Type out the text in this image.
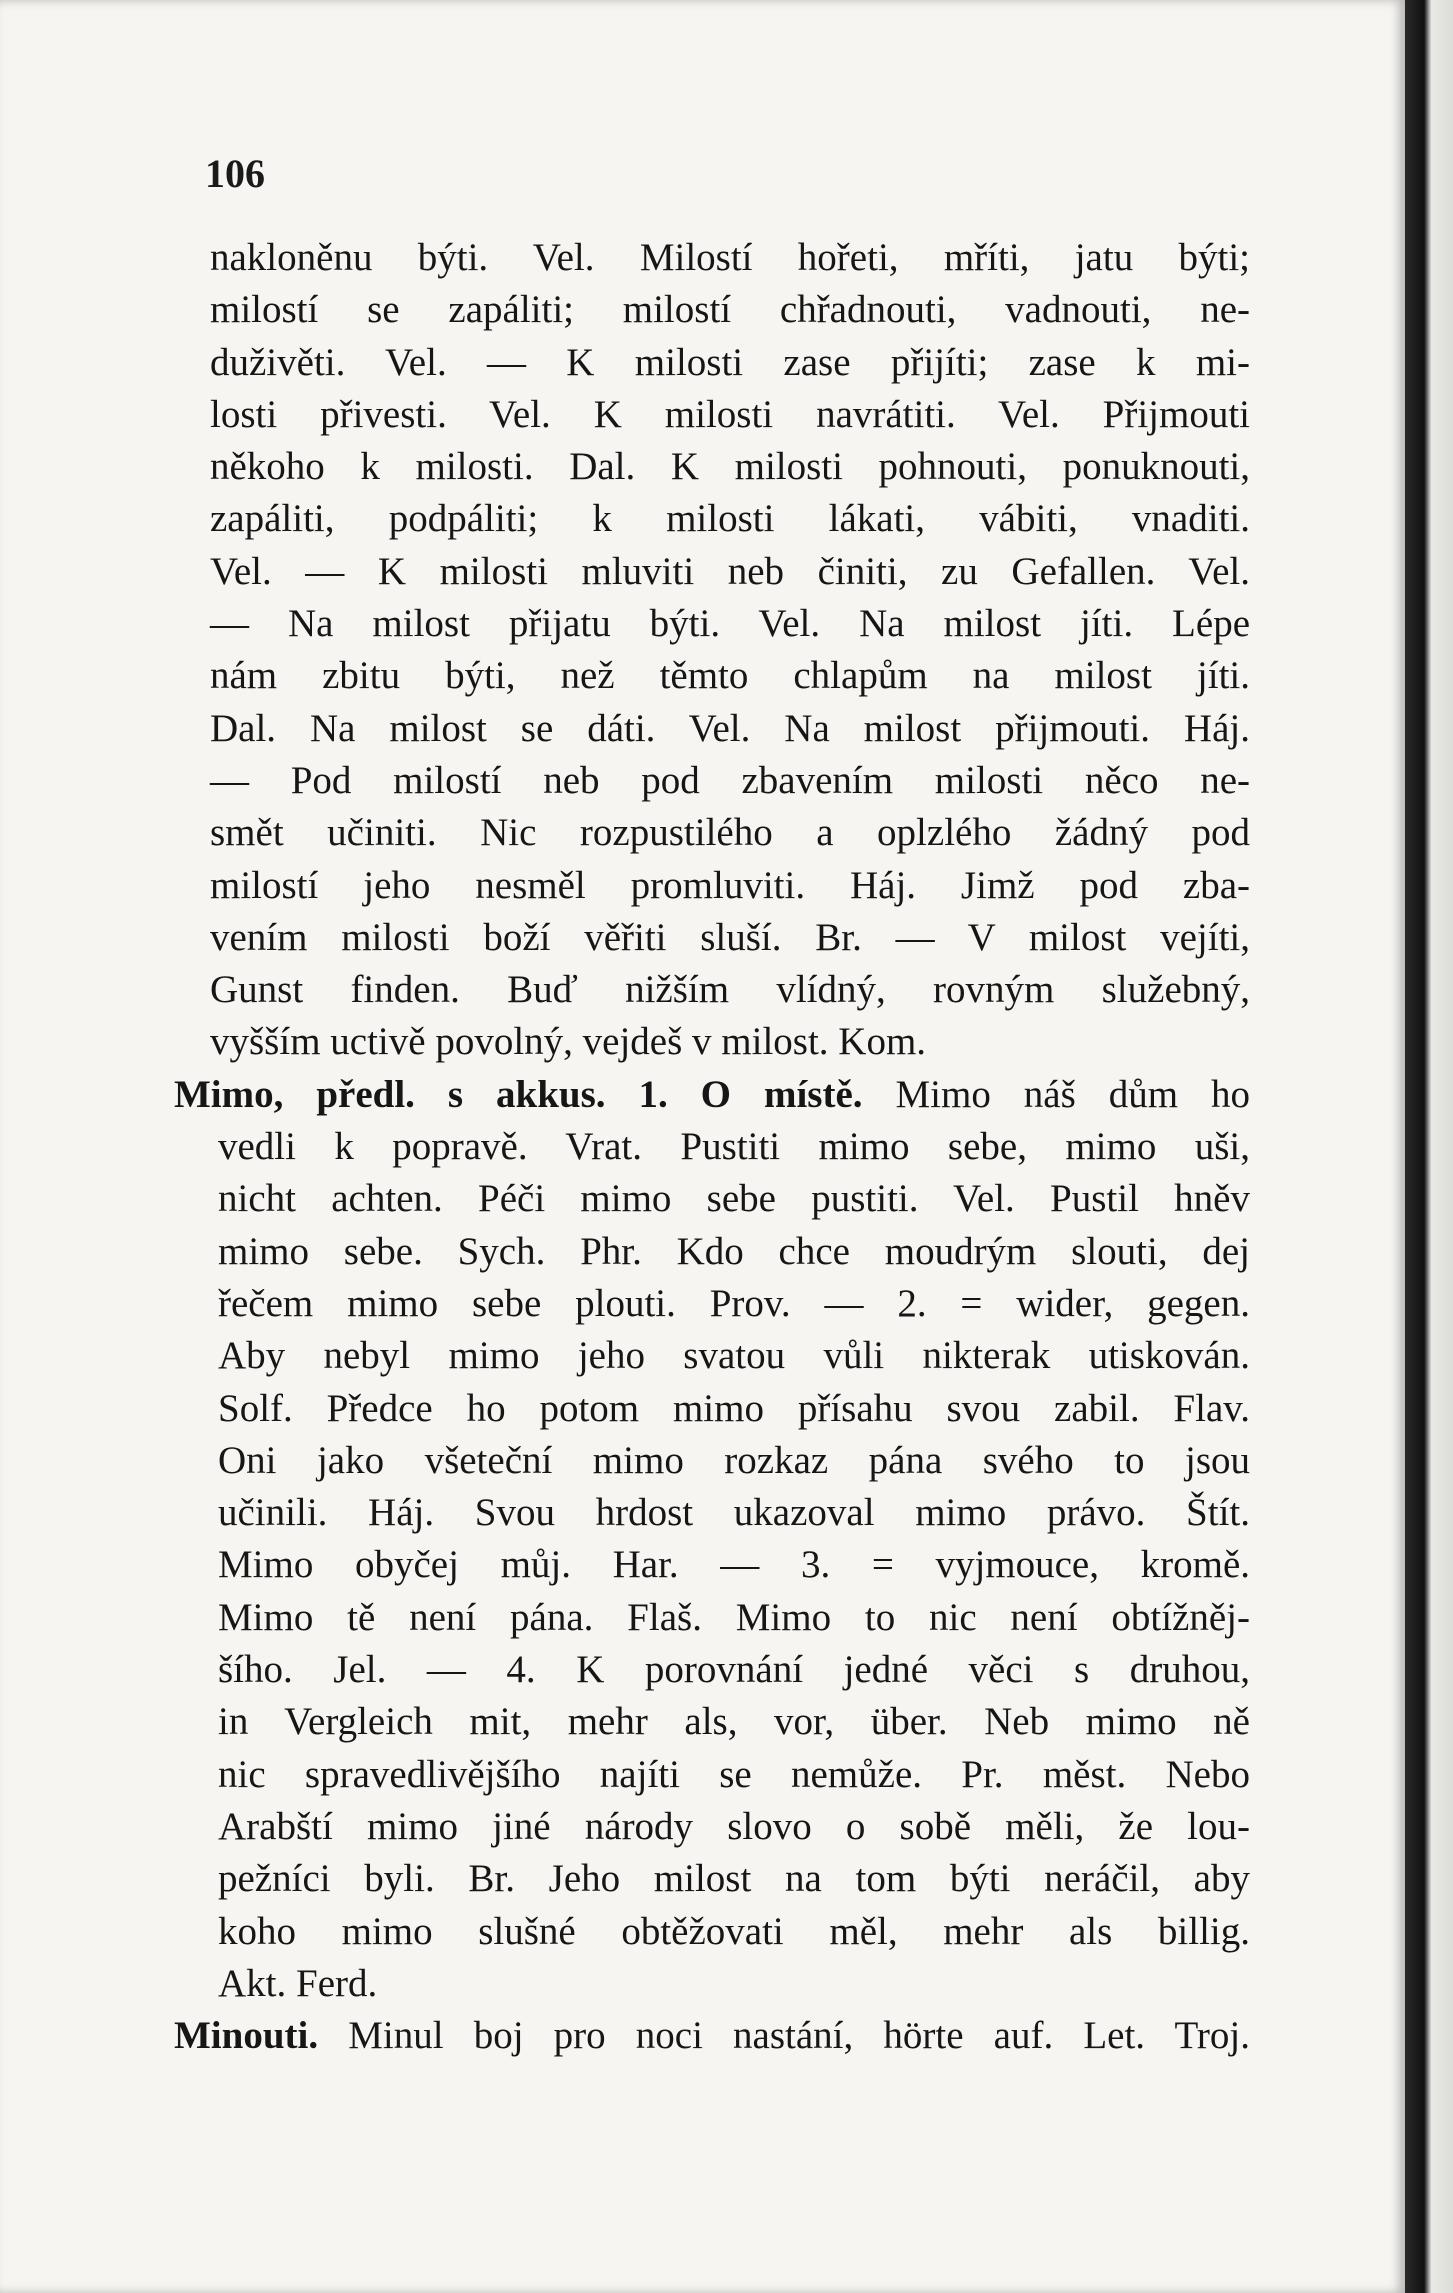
106
nakloněnu býti. Vel. Milostí hořeti, mříti, jatu býti;
milostí se zapáliti; milostí chřadnouti, vadnouti, ne-
duživěti. Vel. — K milosti zase přijíti; zase k mi-
losti přivesti. Vel. K milosti navrátiti. Vel. Přijmouti
někoho k milosti. Dal. K milosti pohnouti, ponuknouti,
zapáliti, podpáliti; k milosti lákati, vábiti, vnaditi.
Vel. — K milosti mluviti neb činiti, zu Gefallen. Vel.
— Na milost přijatu býti. Vel. Na milost jíti. Lépe
nám zbitu býti, než těmto chlapům na milost jíti.
Dal. Na milost se dáti. Vel. Na milost přijmouti. Háj.
— Pod milostí neb pod zbavením milosti něco ne-
smět učiniti. Nic rozpustilého a oplzlého žádný pod
milostí jeho nesměl promluviti. Háj. Jimž pod zba-
vením milosti boží věřiti sluší. Br. — V milost vejíti,
Gunst finden. Buď nižším vlídný, rovným služebný,
vyšším uctivě povolný, vejdeš v milost. Kom.
Mimo, předl. s akkus. 1. O místě. Mimo náš dům ho
vedli k popravě. Vrat. Pustiti mimo sebe, mimo uši,
nicht achten. Péči mimo sebe pustiti. Vel. Pustil hněv
mimo sebe. Sych. Phr. Kdo chce moudrým slouti, dej
řečem mimo sebe plouti. Prov. — 2. = wider, gegen.
Aby nebyl mimo jeho svatou vůli nikterak utiskován.
Solf. Předce ho potom mimo přísahu svou zabil. Flav.
Oni jako všeteční mimo rozkaz pána svého to jsou
učinili. Háj. Svou hrdost ukazoval mimo právo. Štít.
Mimo obyčej můj. Har. — 3. = vyjmouce, kromě.
Mimo tě není pána. Flaš. Mimo to nic není obtížněj-
šího. Jel. — 4. K porovnání jedné věci s druhou,
in Vergleich mit, mehr als, vor, über. Neb mimo ně
nic spravedlivějšího najíti se nemůže. Pr. měst. Nebo
Arabští mimo jiné národy slovo o sobě měli, že lou-
pežníci byli. Br. Jeho milost na tom býti neráčil, aby
koho mimo slušné obtěžovati měl, mehr als billig.
Akt. Ferd.
Minouti. Minul boj pro noci nastání, hörte auf. Let. Troj.
